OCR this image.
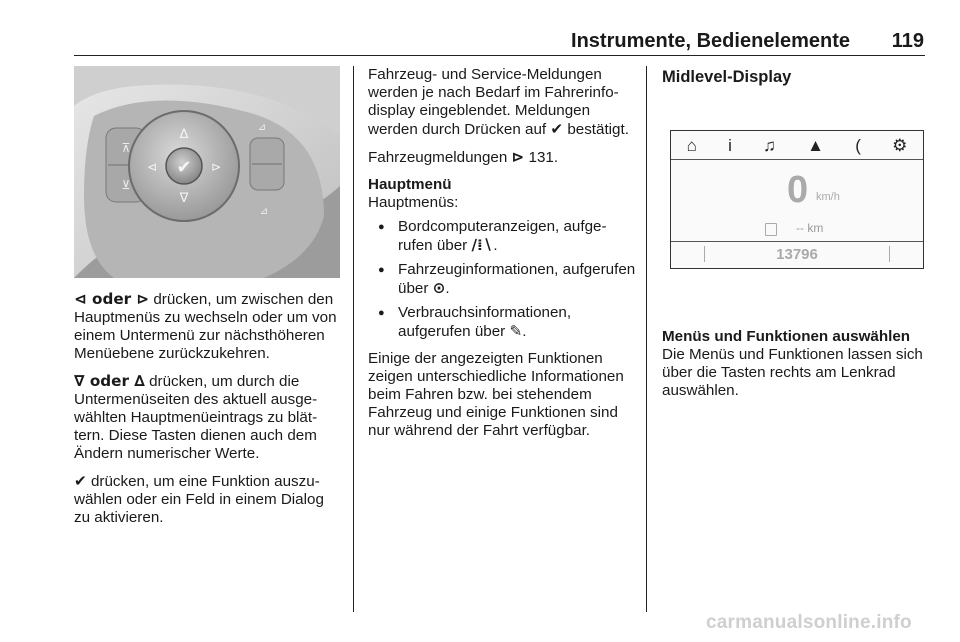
Instrumente, Bedienelemente	119
⊼
⊻
∆
∇
⊲	⊳
✔
⊿
⊿

⊲ oder ⊳ drücken, um zwischen den Hauptmenüs zu wechseln oder um von einem Untermenü zur nächsthöheren Menüebene zurückzukehren.

∇ oder ∆ drücken, um durch die Untermenüseiten des aktuell ausgewählten Hauptmenüeintrags zu blättern. Diese Tasten dienen auch dem Ändern numerischer Werte.

✔ drücken, um eine Funktion auszuwählen oder ein Feld in einem Dialog zu aktivieren.

Fahrzeug- und Service-Meldungen werden je nach Bedarf im Fahrerinfodisplay eingeblendet. Meldungen werden durch Drücken auf ✔ bestätigt.

Fahrzeugmeldungen ⊳ 131.

Hauptmenü

Hauptmenüs:

● Bordcomputeranzeigen, aufgerufen über ∕⁞∖.
● Fahrzeuginformationen, aufgerufen über ⊙.
● Verbrauchsinformationen, aufgerufen über ✎.

Einige der angezeigten Funktionen zeigen unterschiedliche Informationen beim Fahren bzw. bei stehendem Fahrzeug und einige Funktionen sind nur während der Fahrt verfügbar.

Midlevel-Display
⌂ i ♫ ▲ ( ⚙
0 km/h
-- km
13796
Menüs und Funktionen auswählen

Die Menüs und Funktionen lassen sich über die Tasten rechts am Lenkrad auswählen.

carmanualsonline.info
